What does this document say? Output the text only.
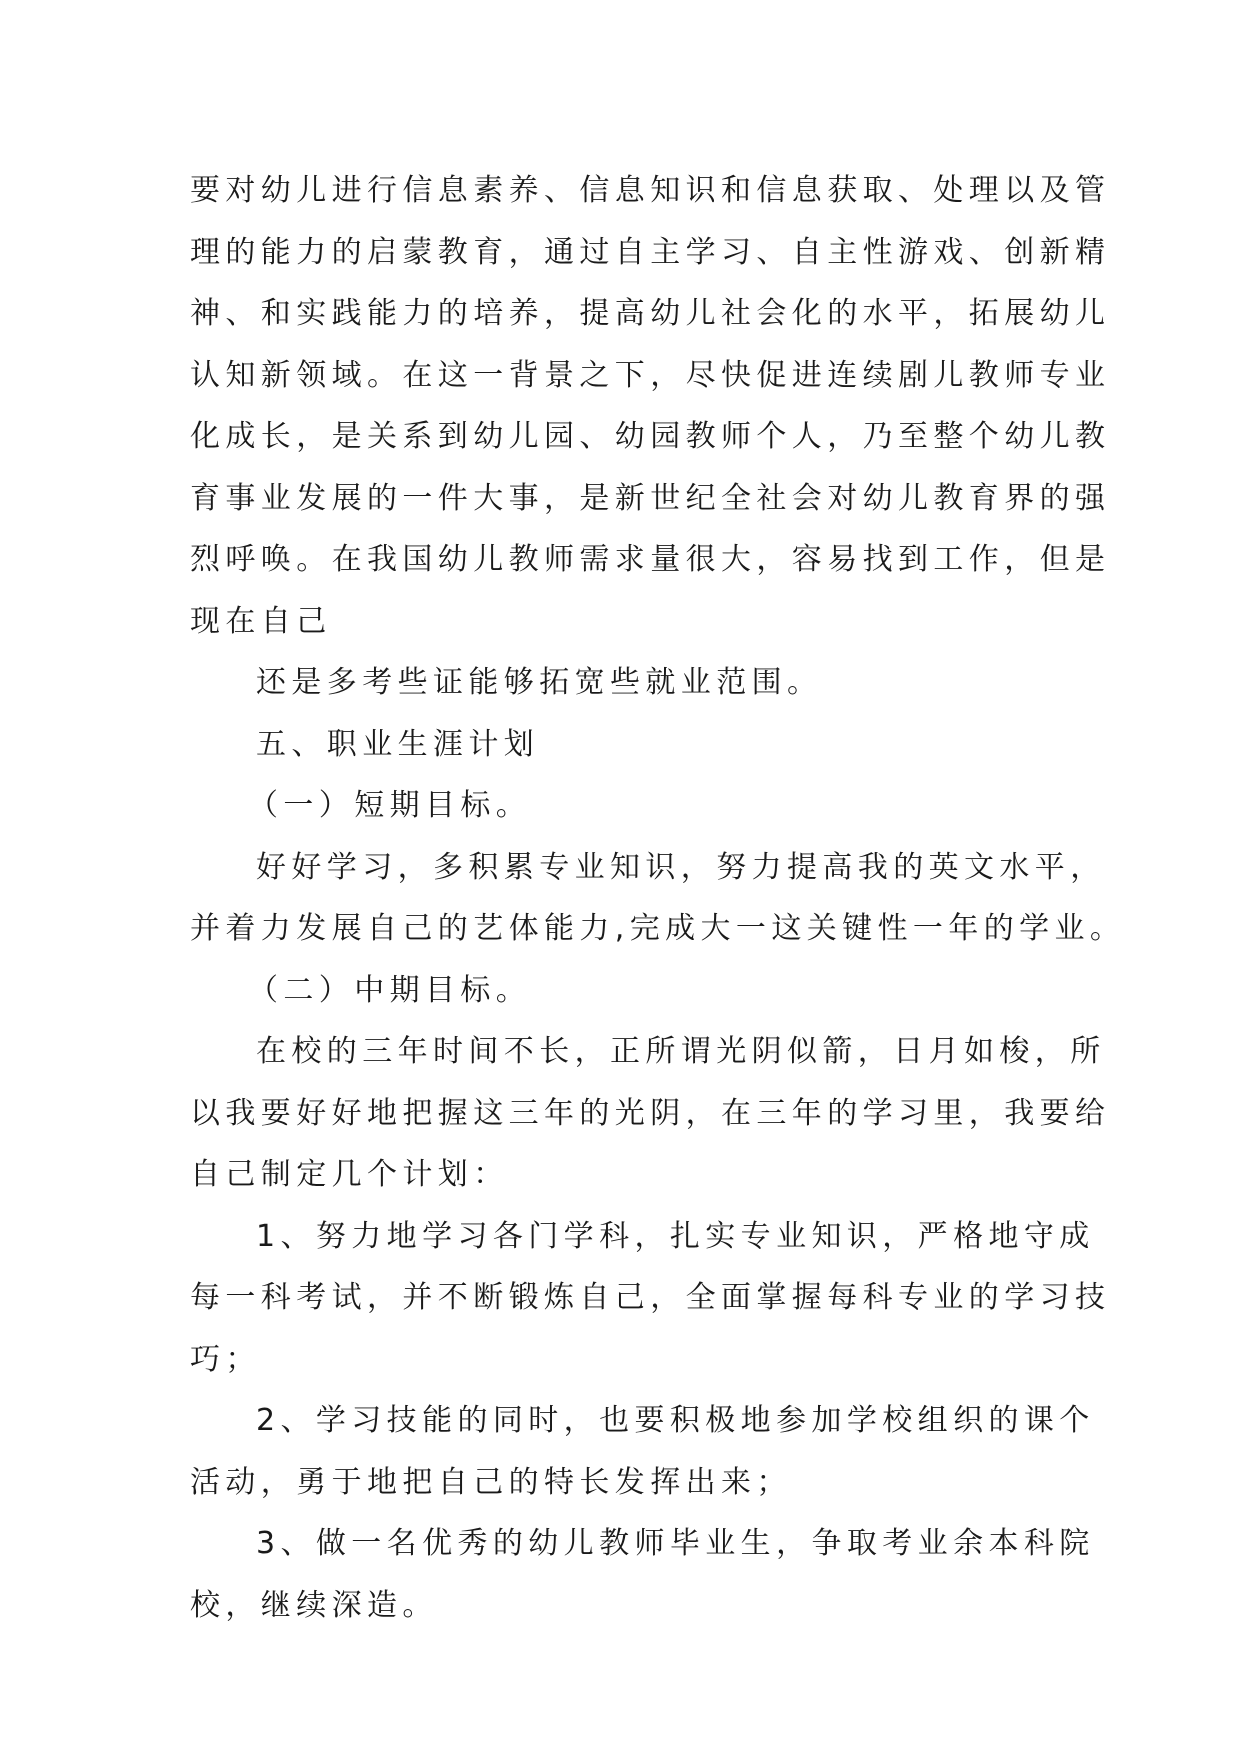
要对幼儿进行信息素养、信息知识和信息获取、处理以及管
理的能力的启蒙教育，通过自主学习、自主性游戏、创新精
神、和实践能力的培养，提高幼儿社会化的水平，拓展幼儿
认知新领域。在这一背景之下，尽快促进连续剧儿教师专业
化成长，是关系到幼儿园、幼园教师个人，乃至整个幼儿教
育事业发展的一件大事，是新世纪全社会对幼儿教育界的强
烈呼唤。在我国幼儿教师需求量很大，容易找到工作，但是
现在自己
还是多考些证能够拓宽些就业范围。
五、职业生涯计划
（一）短期目标。
好好学习，多积累专业知识，努力提高我的英文水平，
并着力发展自己的艺体能力,完成大一这关键性一年的学业。
（二）中期目标。
在校的三年时间不长，正所谓光阴似箭，日月如梭，所
以我要好好地把握这三年的光阴，在三年的学习里，我要给
自己制定几个计划：
1、努力地学习各门学科，扎实专业知识，严格地守成
每一科考试，并不断锻炼自己，全面掌握每科专业的学习技
巧；
2、学习技能的同时，也要积极地参加学校组织的课个
活动，勇于地把自己的特长发挥出来；
3、做一名优秀的幼儿教师毕业生，争取考业余本科院
校，继续深造。
